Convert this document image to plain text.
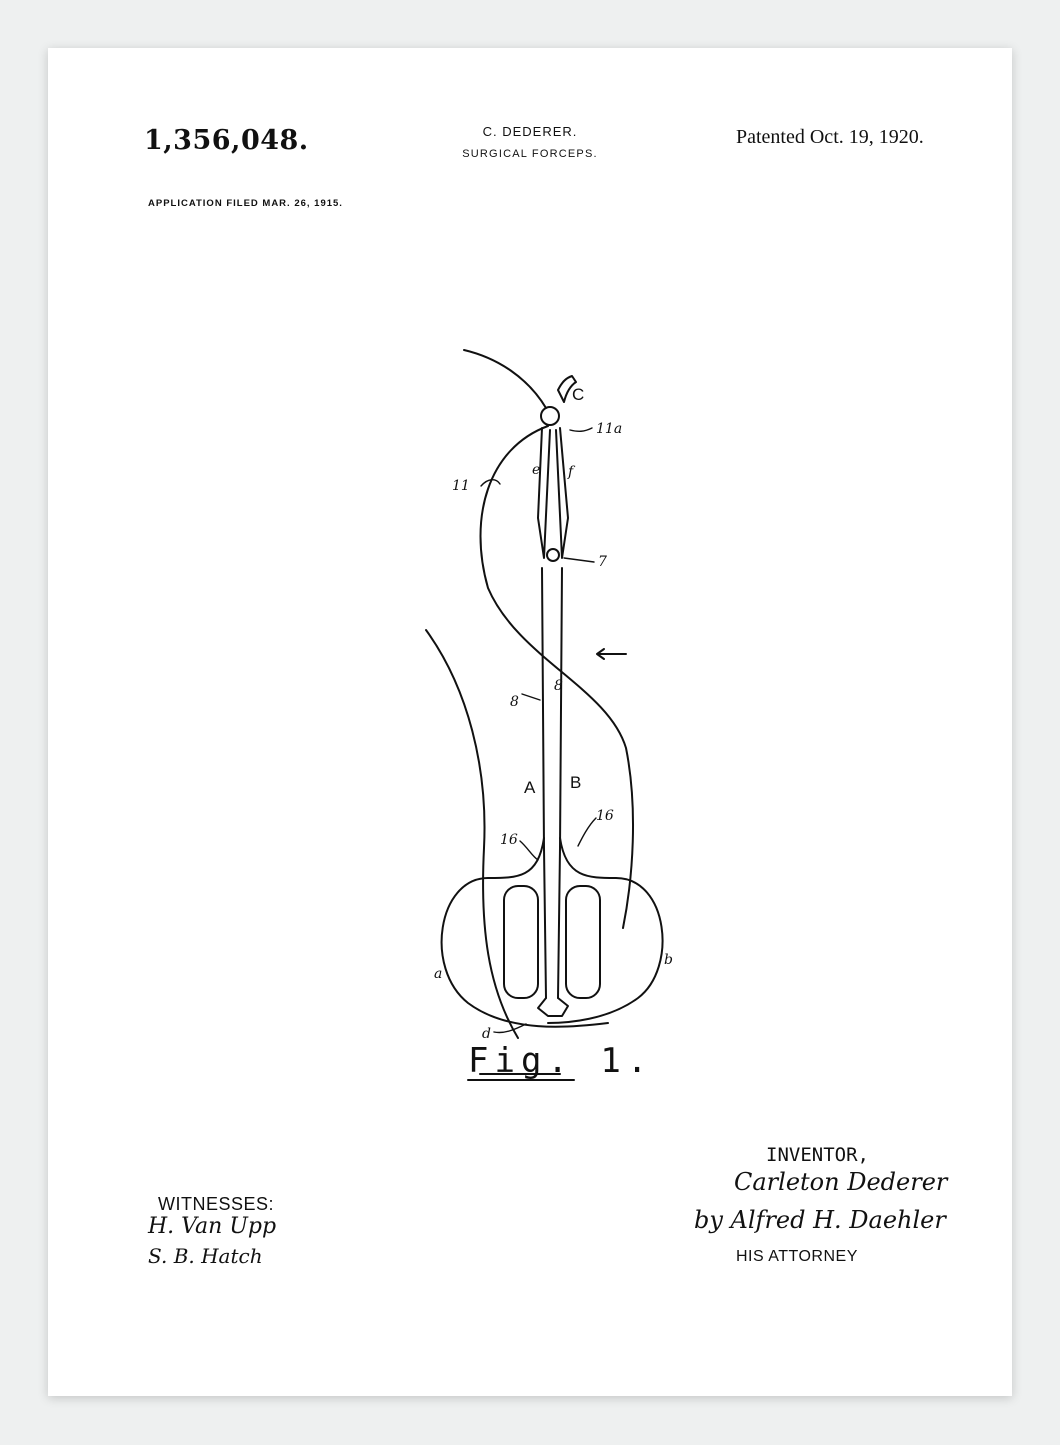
1,356,048.	C. DEDERER.
SURGICAL FORCEPS.
Patented Oct. 19, 1920.
APPLICATION FILED MAR. 26, 1915.
C
11a
e f
11
7
8
8
A B
16
16
a
b
d
Fig. 1.
WITNESSES:
H. Van Upp
S. B. Hatch
INVENTOR,
Carleton Dederer
by Alfred H. Daehler
HIS ATTORNEY
